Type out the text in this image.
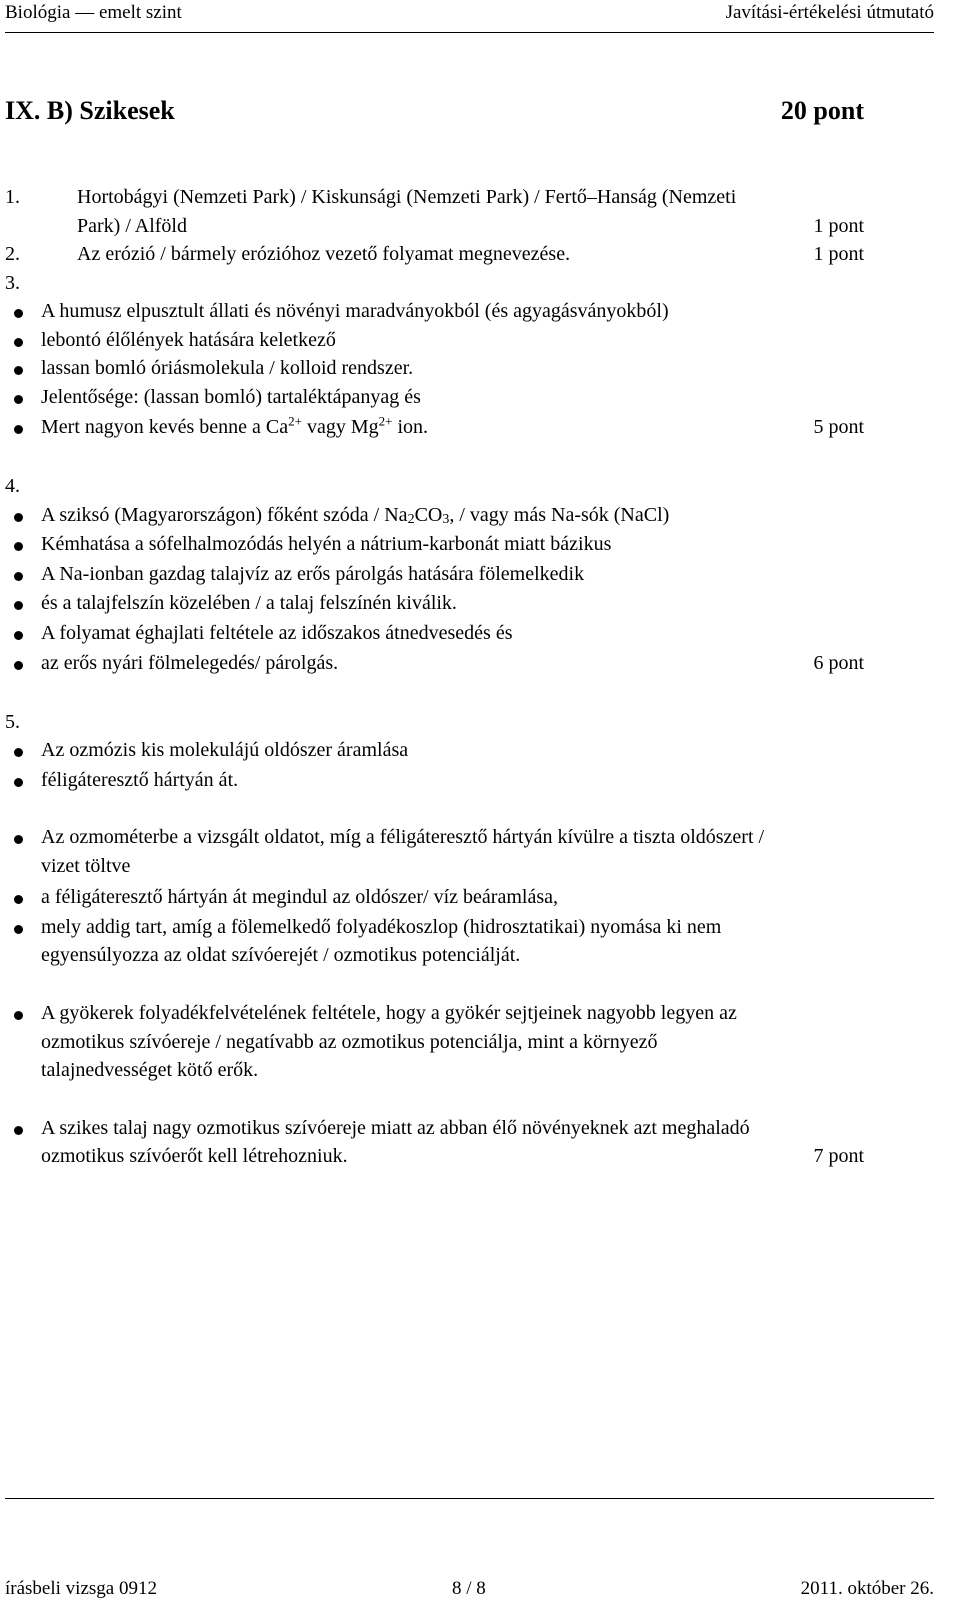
Biológia — emelt szint	Javítási-értékelési útmutató
IX. B) Szikesek	20 pont
1.	Hortobágyi (Nemzeti Park) / Kiskunsági (Nemzeti Park) / Fertő–Hanság (Nemzeti
Park) / Alföld	1 pont
2.	Az erózió / bármely erózióhoz vezető folyamat megnevezése.	1 pont
3.
A humusz elpusztult állati és növényi maradványokból (és agyagásványokból)
lebontó élőlények hatására keletkező
lassan bomló óriásmolekula / kolloid rendszer.
Jelentősége: (lassan bomló) tartaléktápanyag és
Mert nagyon kevés benne a $Ca^{2+}$ vagy $Mg^{2+}$ ion.	5 pont
4.
A sziksó (Magyarországon) főként szóda / $Na_2CO_3$, / vagy más Na-sók (NaCl)
Kémhatása a sófelhalmozódás helyén a nátrium-karbonát miatt bázikus
A Na-ionban gazdag talajvíz az erős párolgás hatására fölemelkedik
és a talajfelszín közelében / a talaj felszínén kiválik.
A folyamat éghajlati feltétele az időszakos átnedvesedés és
az erős nyári fölmelegedés/ párolgás.	6 pont
5.
Az ozmózis kis molekulájú oldószer áramlása
féligáteresztő hártyán át.
Az ozmométerbe a vizsgált oldatot, míg a féligáteresztő hártyán kívülre a tiszta oldószert /
vizet töltve
a féligáteresztő hártyán át megindul az oldószer/ víz beáramlása,
mely addig tart, amíg a fölemelkedő folyadékoszlop (hidrosztatikai) nyomása ki nem
egyensúlyozza az oldat szívóerejét / ozmotikus potenciálját.
A gyökerek folyadékfelvételének feltétele, hogy a gyökér sejtjeinek nagyobb legyen az
ozmotikus szívóereje / negatívabb az ozmotikus potenciálja, mint a környező
talajnedvességet kötő erők.
A szikes talaj nagy ozmotikus szívóereje miatt az abban élő növényeknek azt meghaladó
ozmotikus szívóerőt kell létrehozniuk.	7 pont
írásbeli vizsga 0912	8 / 8	2011. október 26.
